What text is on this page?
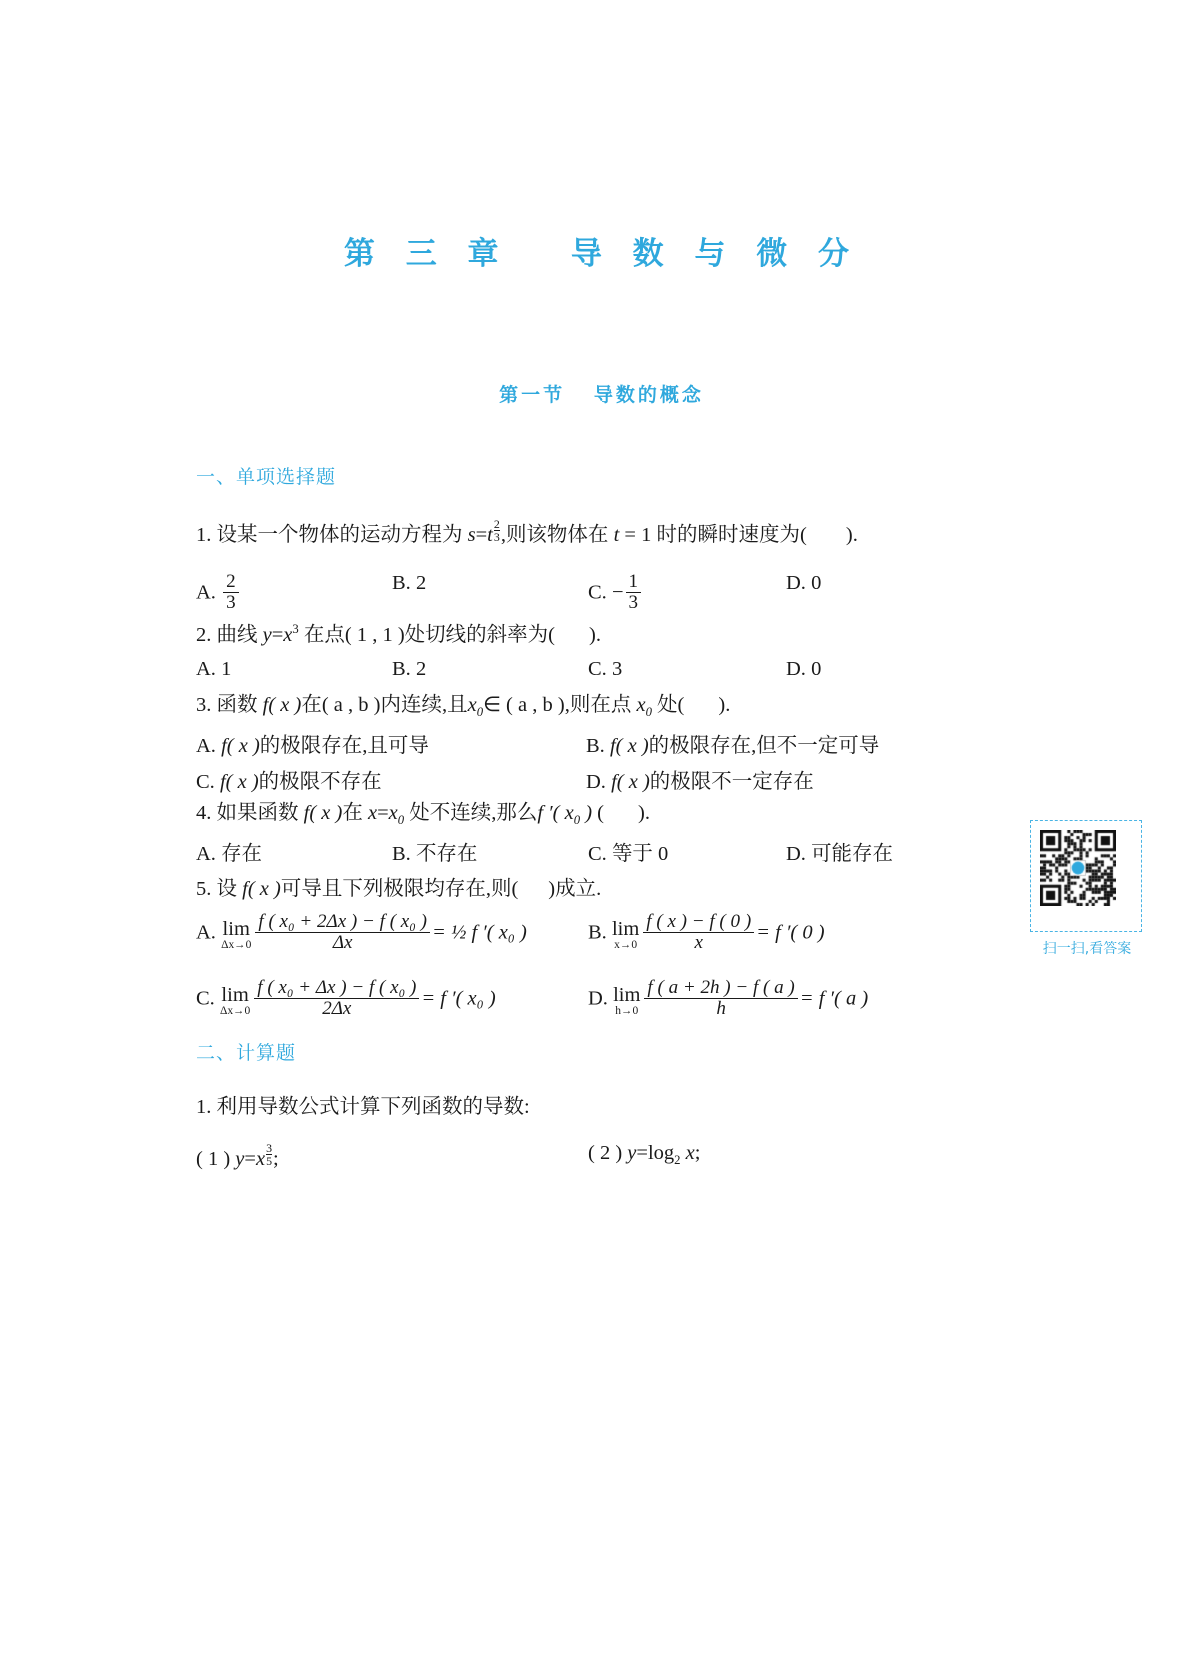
第 三 章   导 数 与 微 分
第一节   导数的概念
一、单项选择题
1. 设某一个物体的运动方程为 $s=t \frac{2}{3}$ ,则该物体在 t = 1 时的瞬时速度为( ).
A. $\frac{2}{3}$	B. 2	C. − $\frac{1}{3}$	D. 0
2. 曲线 $y=x^3$ 在点( 1 , 1 )处切线的斜率为( ).
A. 1	B. 2	C. 3	D. 0
3. 函数 f( x )在( a , b )内连续,且$x_0\in$ ( a , b ),则在点 $x_0$ 处( ).
A. f( x )的极限存在,且可导	B. f( x )的极限存在,但不一定可导
C. f( x )的极限不存在	D. f( x )的极限不一定存在
4. 如果函数 f( x )在 $x=x_0$ 处不连续,那么f ′( $x_0$ ) ( ).
A. 存在	B. 不存在	C. 等于 0	D. 可能存在
5. 设 f( x )可导且下列极限均存在,则( )成立.
A. lim
$\Delta x\to 0 \frac{\text{f ( x₀ + 2Δx ) − f ( x₀ )}}{\Delta x}$ = ½ f ′( x₀ )	B. lim
$x\to 0 \frac{f ( x ) - f ( 0 )}{x} = f$ ′( 0 )
C. lim
$\Delta x\to 0 \frac{\text{f ( x₀ + Δx ) − f ( x₀ )}}{2\Delta x} = f$ ′( x₀ )	D. lim
$h\to 0 \frac{f ( a + 2h ) - f ( a )}{h} = f$ ′( a )
二、计算题
1. 利用导数公式计算下列函数的导数:
( 1 ) $y=x \frac{3}{5}$ ;	( 2 ) $y=\log_2$ x;
扫一扫,看答案
